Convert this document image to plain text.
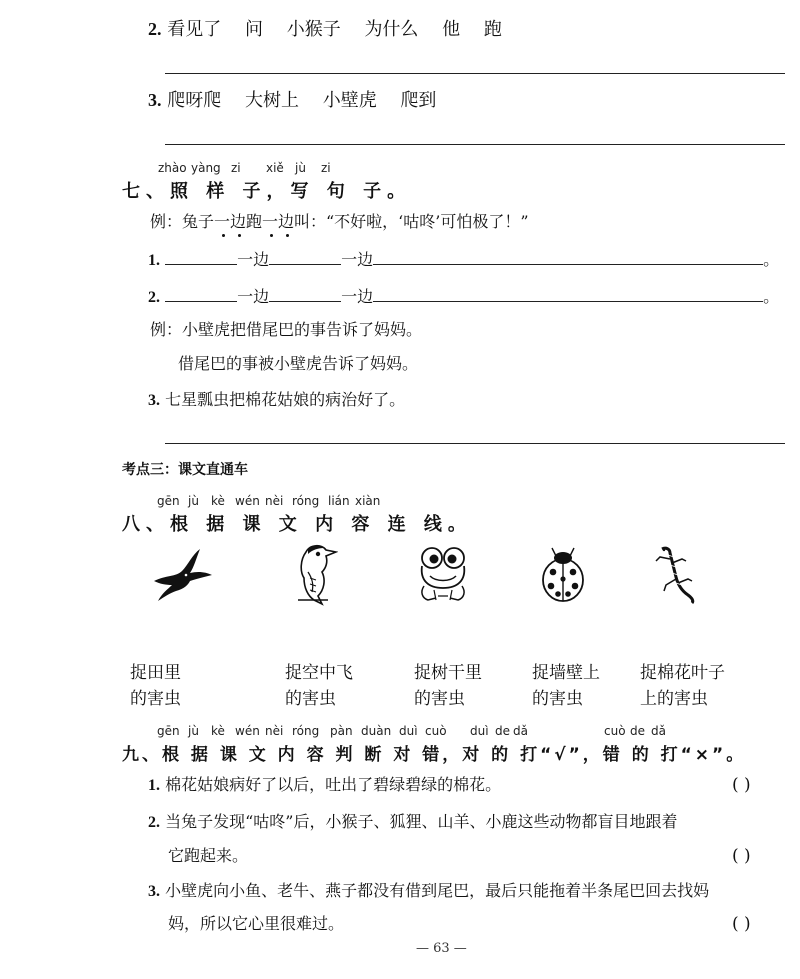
2. 看见了 问 小猴子 为什么 他 跑
3. 爬呀爬 大树上 小壁虎 爬到
zhào yàng zi xiě jù zi
七、照 样 子，写 句 子。
例：兔子一边跑一边叫：“不好啦，‘咕咚’可怕极了！”
1.	一边	一边	。
2.	一边	一边	。
例：小壁虎把借尾巴的事告诉了妈妈。
借尾巴的事被小壁虎告诉了妈妈。
3. 七星瓢虫把棉花姑娘的病治好了。
考点三：课文直通车
gēn jù kè wén nèi róng lián xiàn
八、根 据 课 文 内 容 连 线。
捉田里
的害虫
捉空中飞
的害虫
捉树干里
的害虫
捉墙壁上
的害虫
捉棉花叶子
上的害虫
gēn jù kè wén nèi róng pàn duàn duì cuò duì de dǎ	cuò de dǎ
九、根 据 课 文 内 容 判 断 对 错，对 的 打“√”，错 的 打“×”。
1. 棉花姑娘病好了以后，吐出了碧绿碧绿的棉花。	( )
2. 当兔子发现“咕咚”后，小猴子、狐狸、山羊、小鹿这些动物都盲目地跟着
它跑起来。	( )
3. 小壁虎向小鱼、老牛、燕子都没有借到尾巴，最后只能拖着半条尾巴回去找妈
妈，所以它心里很难过。	( )
— 63 —
